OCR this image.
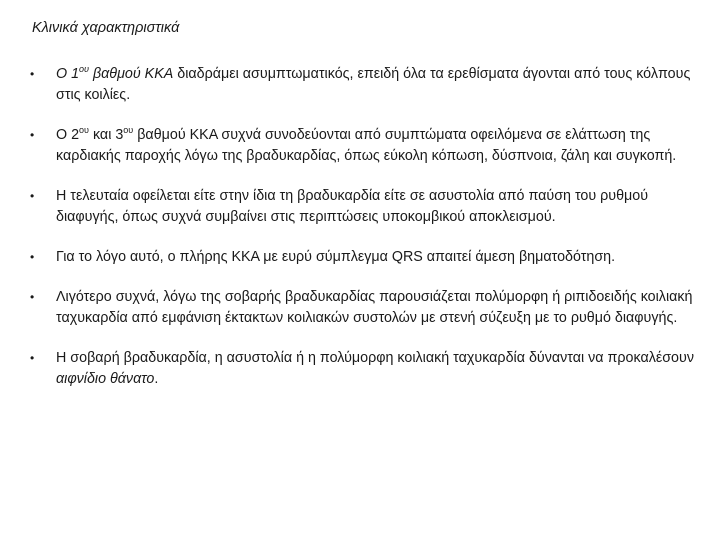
Κλινικά χαρακτηριστικά
• Ο $1^{o\upsilon}$ βαθμού ΚΚΑ διαδράμει ασυμπτωματικός, επειδή όλα τα ερεθίσματα άγονται από τους κόλπους στις κοιλίες.
• Ο $2^{o\upsilon}$ και $3^{o\upsilon}$ βαθμού ΚΚΑ συχνά συνοδεύονται από συμπτώματα οφειλόμενα σε ελάττωση της καρδιακής παροχής λόγω της βραδυκαρδίας, όπως εύκολη κόπωση, δύσπνοια, ζάλη και συγκοπή.
• Η τελευταία οφείλεται είτε στην ίδια τη βραδυκαρδία είτε σε ασυστολία από παύση του ρυθμού διαφυγής, όπως συχνά συμβαίνει στις περιπτώσεις υποκομβικού αποκλεισμού.
• Για το λόγο αυτό, ο πλήρης ΚΚΑ με ευρύ σύμπλεγμα QRS απαιτεί άμεση βηματοδότηση.
• Λιγότερο συχνά, λόγω της σοβαρής βραδυκαρδίας παρουσιάζεται πολύμορφη ή ριπιδοειδής κοιλιακή ταχυκαρδία από εμφάνιση έκτακτων κοιλιακών συστολών με στενή σύζευξη με το ρυθμό διαφυγής.
• Η σοβαρή βραδυκαρδία, η ασυστολία ή η πολύμορφη κοιλιακή ταχυκαρδία δύνανται να προκαλέσουν αιφνίδιο θάνατο.
